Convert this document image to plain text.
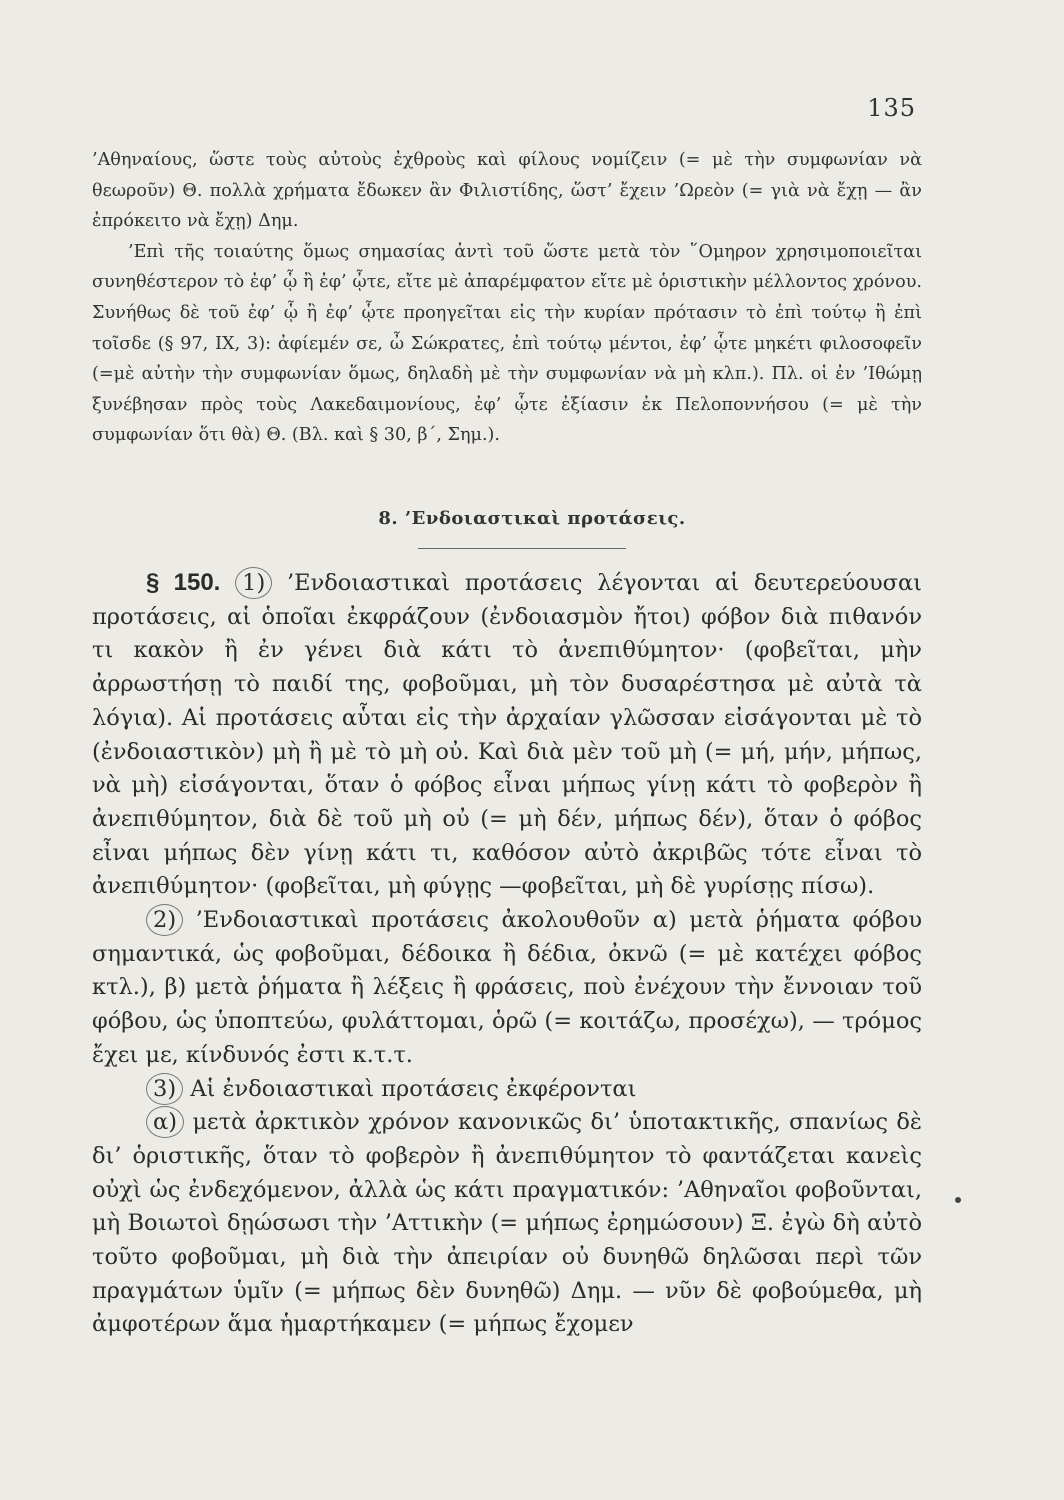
135

’Αθηναίους, ὥστε τοὺς αὐτοὺς ἐχθροὺς καὶ φίλους νομίζειν (= μὲ τὴν συμφωνίαν νὰ θεωροῦν) Θ. πολλὰ χρήματα ἔδωκεν ἂν Φιλιστίδης, ὥστ’ ἔχειν ’Ωρεὸν (= γιὰ νὰ ἔχῃ — ἂν ἐπρόκειτο νὰ ἔχῃ) Δημ.

’Επὶ τῆς τοιαύτης ὅμως σημασίας ἀντὶ τοῦ ὥστε μετὰ τὸν ῞Ομηρον χρησιμοποιεῖται συνηθέστερον τὸ ἐφ’ ᾧ ἢ ἐφ’ ᾧτε, εἴτε μὲ ἀπαρέμφατον εἴτε μὲ ὁριστικὴν μέλλοντος χρόνου. Συνήθως δὲ τοῦ ἐφ’ ᾧ ἢ ἐφ’ ᾧτε προηγεῖται εἰς τὴν κυρίαν πρότασιν τὸ ἐπὶ τούτῳ ἢ ἐπὶ τοῖσδε (§ 97, IX, 3): ἀφίεμέν σε, ὦ Σώκρατες, ἐπὶ τούτῳ μέντοι, ἐφ’ ᾧτε μηκέτι φιλοσοφεῖν (=μὲ αὐτὴν τὴν συμφωνίαν ὅμως, δηλαδὴ μὲ τὴν συμφωνίαν νὰ μὴ κλπ.). Πλ. οἱ ἐν ’Ιθώμῃ ξυνέβησαν πρὸς τοὺς Λακεδαιμονίους, ἐφ’ ᾧτε ἐξίασιν ἐκ Πελοποννήσου (= μὲ τὴν συμφωνίαν ὅτι θὰ) Θ. (Βλ. καὶ § 30, β΄, Σημ.).

8. ’Ενδοιαστικαὶ προτάσεις.

§ 150. 1) ’Ενδοιαστικαὶ προτάσεις λέγονται αἱ δευτερεύουσαι προτάσεις, αἱ ὁποῖαι ἐκφράζουν (ἐνδοιασμὸν ἤτοι) φόβον διὰ πιθανόν τι κακὸν ἢ ἐν γένει διὰ κάτι τὸ ἀνεπιθύμητον· (φοβεῖται, μὴν ἀρρωστήσῃ τὸ παιδί της, φοβοῦμαι, μὴ τὸν δυσαρέστησα μὲ αὐτὰ τὰ λόγια). Αἱ προτάσεις αὗται εἰς τὴν ἀρχαίαν γλῶσσαν εἰσάγονται μὲ τὸ (ἐνδοιαστικὸν) μὴ ἢ μὲ τὸ μὴ οὐ. Καὶ διὰ μὲν τοῦ μὴ (= μή, μήν, μήπως, νὰ μὴ) εἰσάγονται, ὅταν ὁ φόβος εἶναι μήπως γίνῃ κάτι τὸ φοβερὸν ἢ ἀνεπιθύμητον, διὰ δὲ τοῦ μὴ οὐ (= μὴ δέν, μήπως δέν), ὅταν ὁ φόβος εἶναι μήπως δὲν γίνῃ κάτι τι, καθόσον αὐτὸ ἀκριβῶς τότε εἶναι τὸ ἀνεπιθύμητον· (φοβεῖται, μὴ φύγῃς —φοβεῖται, μὴ δὲ γυρίσῃς πίσω).

2) ’Ενδοιαστικαὶ προτάσεις ἀκολουθοῦν α) μετὰ ῥήματα φόβου σημαντικά, ὡς φοβοῦμαι, δέδοικα ἢ δέδια, ὀκνῶ (= μὲ κατέχει φόβος κτλ.), β) μετὰ ῥήματα ἢ λέξεις ἢ φράσεις, ποὺ ἐνέχουν τὴν ἔννοιαν τοῦ φόβου, ὡς ὑποπτεύω, φυλάττομαι, ὁρῶ (= κοιτάζω, προσέχω), — τρόμος ἔχει με, κίνδυνός ἐστι κ.τ.τ.

3) Αἱ ἐνδοιαστικαὶ προτάσεις ἐκφέρονται

α) μετὰ ἀρκτικὸν χρόνον κανονικῶς δι’ ὑποτακτικῆς, σπανίως δὲ δι’ ὁριστικῆς, ὅταν τὸ φοβερὸν ἢ ἀνεπιθύμητον τὸ φαντάζεται κανεὶς οὐχὶ ὡς ἐνδεχόμενον, ἀλλὰ ὡς κάτι πραγματικόν: ’Αθηναῖοι φοβοῦνται, μὴ Βοιωτοὶ δῃώσωσι τὴν ’Αττικὴν (= μήπως ἐρημώσουν) Ξ. ἐγὼ δὴ αὐτὸ τοῦτο φοβοῦμαι, μὴ διὰ τὴν ἀπειρίαν οὐ δυνηθῶ δηλῶσαι περὶ τῶν πραγμάτων ὑμῖν (= μήπως δὲν δυνηθῶ) Δημ. — νῦν δὲ φοβούμεθα, μὴ ἀμφοτέρων ἅμα ἡμαρτήκαμεν (= μήπως ἔχομεν
